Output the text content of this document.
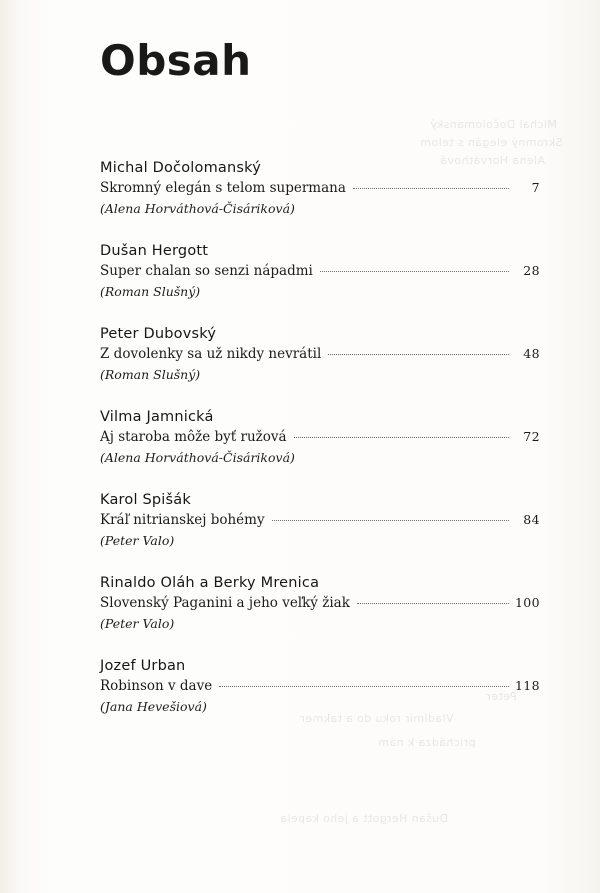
Obsah
Michal Dočolomanský
Skromný elegán s telom supermana	7
(Alena Horváthová-Čisáriková)
Dušan Hergott
Super chalan so senzi nápadmi	28
(Roman Slušný)
Peter Dubovský
Z dovolenky sa už nikdy nevrátil	48
(Roman Slušný)
Vilma Jamnická
Aj staroba môže byť ružová	72
(Alena Horváthová-Čisáriková)
Karol Spišák
Kráľ nitrianskej bohémy	84
(Peter Valo)
Rinaldo Oláh a Berky Mrenica
Slovenský Paganini a jeho veľký žiak	100
(Peter Valo)
Jozef Urban
Robinson v dave	118
(Jana Hevešiová)
Michal Dočolomanský
Skromný elegán s telom
Alena Horváthová
Peter
Vladimír roku do a takmer
prichádza k nám
Dušan Hergott a jeho kapela
